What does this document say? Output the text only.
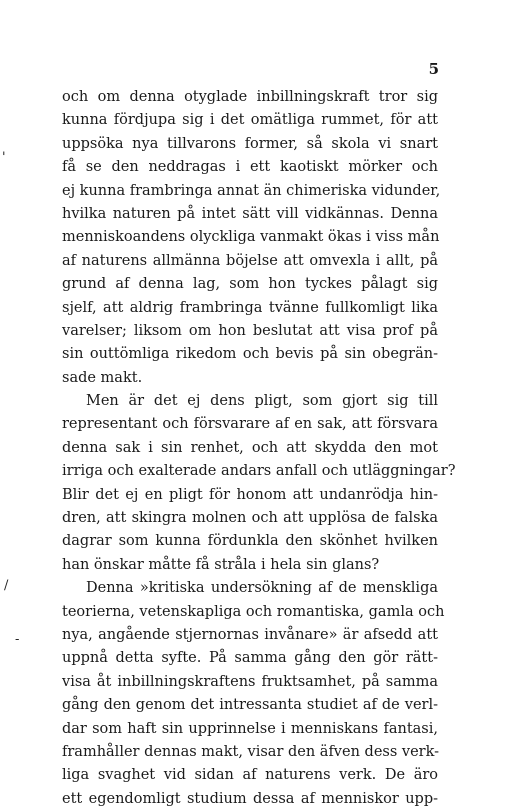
5
och om denna otyglade inbillningskraft tror sig
kunna fördjupa sig i det omätliga rummet, för att
uppsöka nya tillvarons former, så skola vi snart
få se den neddragas i ett kaotiskt mörker och
ej kunna frambringa annat än chimeriska vidunder,
hvilka naturen på intet sätt vill vidkännas. Denna
menniskoandens olyckliga vanmakt ökas i viss mån
af naturens allmänna böjelse att omvexla i allt, på
grund af denna lag, som hon tyckes pålagt sig
sjelf, att aldrig frambringa tvänne fullkomligt lika
varelser; liksom om hon beslutat att visa prof på
sin outtömliga rikedom och bevis på sin obegrän-
sade makt.
Men är det ej dens pligt, som gjort sig till
representant och försvarare af en sak, att försvara
denna sak i sin renhet, och att skydda den mot
irriga och exalterade andars anfall och utläggningar?
Blir det ej en pligt för honom att undanrödja hin-
dren, att skingra molnen och att upplösa de falska
dagrar som kunna fördunkla den skönhet hvilken
han önskar måtte få stråla i hela sin glans?
Denna »kritiska undersökning af de menskliga
teorierna, vetenskapliga och romantiska, gamla och
nya, angående stjernornas invånare» är afsedd att
uppnå detta syfte. På samma gång den gör rätt-
visa åt inbillningskraftens fruktsamhet, på samma
gång den genom det intressanta studiet af de verl-
dar som haft sin upprinnelse i menniskans fantasi,
framhåller dennas makt, visar den äfven dess verk-
liga svaghet vid sidan af naturens verk. De äro
ett egendomligt studium dessa af menniskor upp-
'
/
-
